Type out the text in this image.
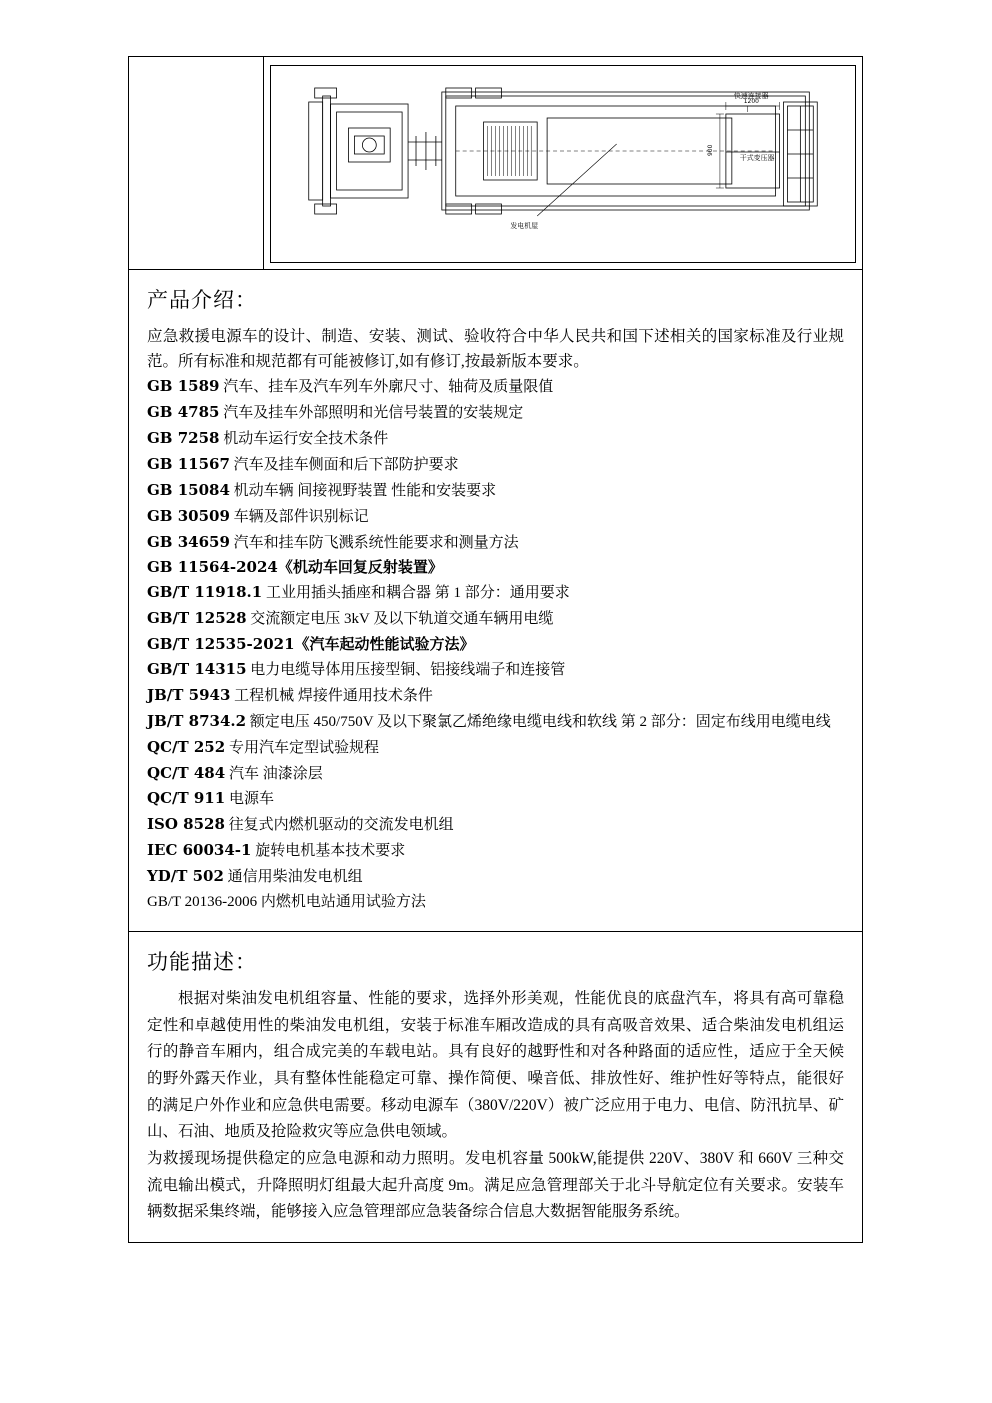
快速连接器
干式变压器
发电机屋
1200
900
产品介绍：
应急救援电源车的设计、制造、安装、测试、验收符合中华人民共和国下述相关的国家标准及行业规范。所有标准和规范都有可能被修订,如有修订,按最新版本要求。
GB 1589 汽车、挂车及汽车列车外廓尺寸、轴荷及质量限值
GB 4785 汽车及挂车外部照明和光信号装置的安装规定
GB 7258 机动车运行安全技术条件
GB 11567 汽车及挂车侧面和后下部防护要求
GB 15084 机动车辆 间接视野装置 性能和安装要求
GB 30509 车辆及部件识别标记
GB 34659 汽车和挂车防飞溅系统性能要求和测量方法
GB 11564-2024《机动车回复反射装置》
GB/T 11918.1 工业用插头插座和耦合器 第 1 部分：通用要求
GB/T 12528 交流额定电压 3kV 及以下轨道交通车辆用电缆
GB/T 12535-2021《汽车起动性能试验方法》
GB/T 14315 电力电缆导体用压接型铜、铝接线端子和连接管
JB/T 5943 工程机械 焊接件通用技术条件
JB/T 8734.2 额定电压 450/750V 及以下聚氯乙烯绝缘电缆电线和软线 第 2 部分：固定布线用电缆电线
QC/T 252 专用汽车定型试验规程
QC/T 484 汽车 油漆涂层
QC/T 911 电源车
ISO 8528 往复式内燃机驱动的交流发电机组
IEC 60034-1 旋转电机基本技术要求
YD/T 502 通信用柴油发电机组
GB/T 20136-2006 内燃机电站通用试验方法
功能描述：
根据对柴油发电机组容量、性能的要求，选择外形美观，性能优良的底盘汽车，将具有高可靠稳定性和卓越使用性的柴油发电机组，安装于标准车厢改造成的具有高吸音效果、适合柴油发电机组运行的静音车厢内，组合成完美的车载电站。具有良好的越野性和对各种路面的适应性，适应于全天候的野外露天作业，具有整体性能稳定可靠、操作简便、噪音低、排放性好、维护性好等特点，能很好的满足户外作业和应急供电需要。移动电源车（380V/220V）被广泛应用于电力、电信、防汛抗旱、矿山、石油、地质及抢险救灾等应急供电领域。
为救援现场提供稳定的应急电源和动力照明。发电机容量 500kW,能提供 220V、380V 和 660V 三种交流电输出模式，升降照明灯组最大起升高度 9m。满足应急管理部关于北斗导航定位有关要求。安装车辆数据采集终端，能够接入应急管理部应急装备综合信息大数据智能服务系统。
